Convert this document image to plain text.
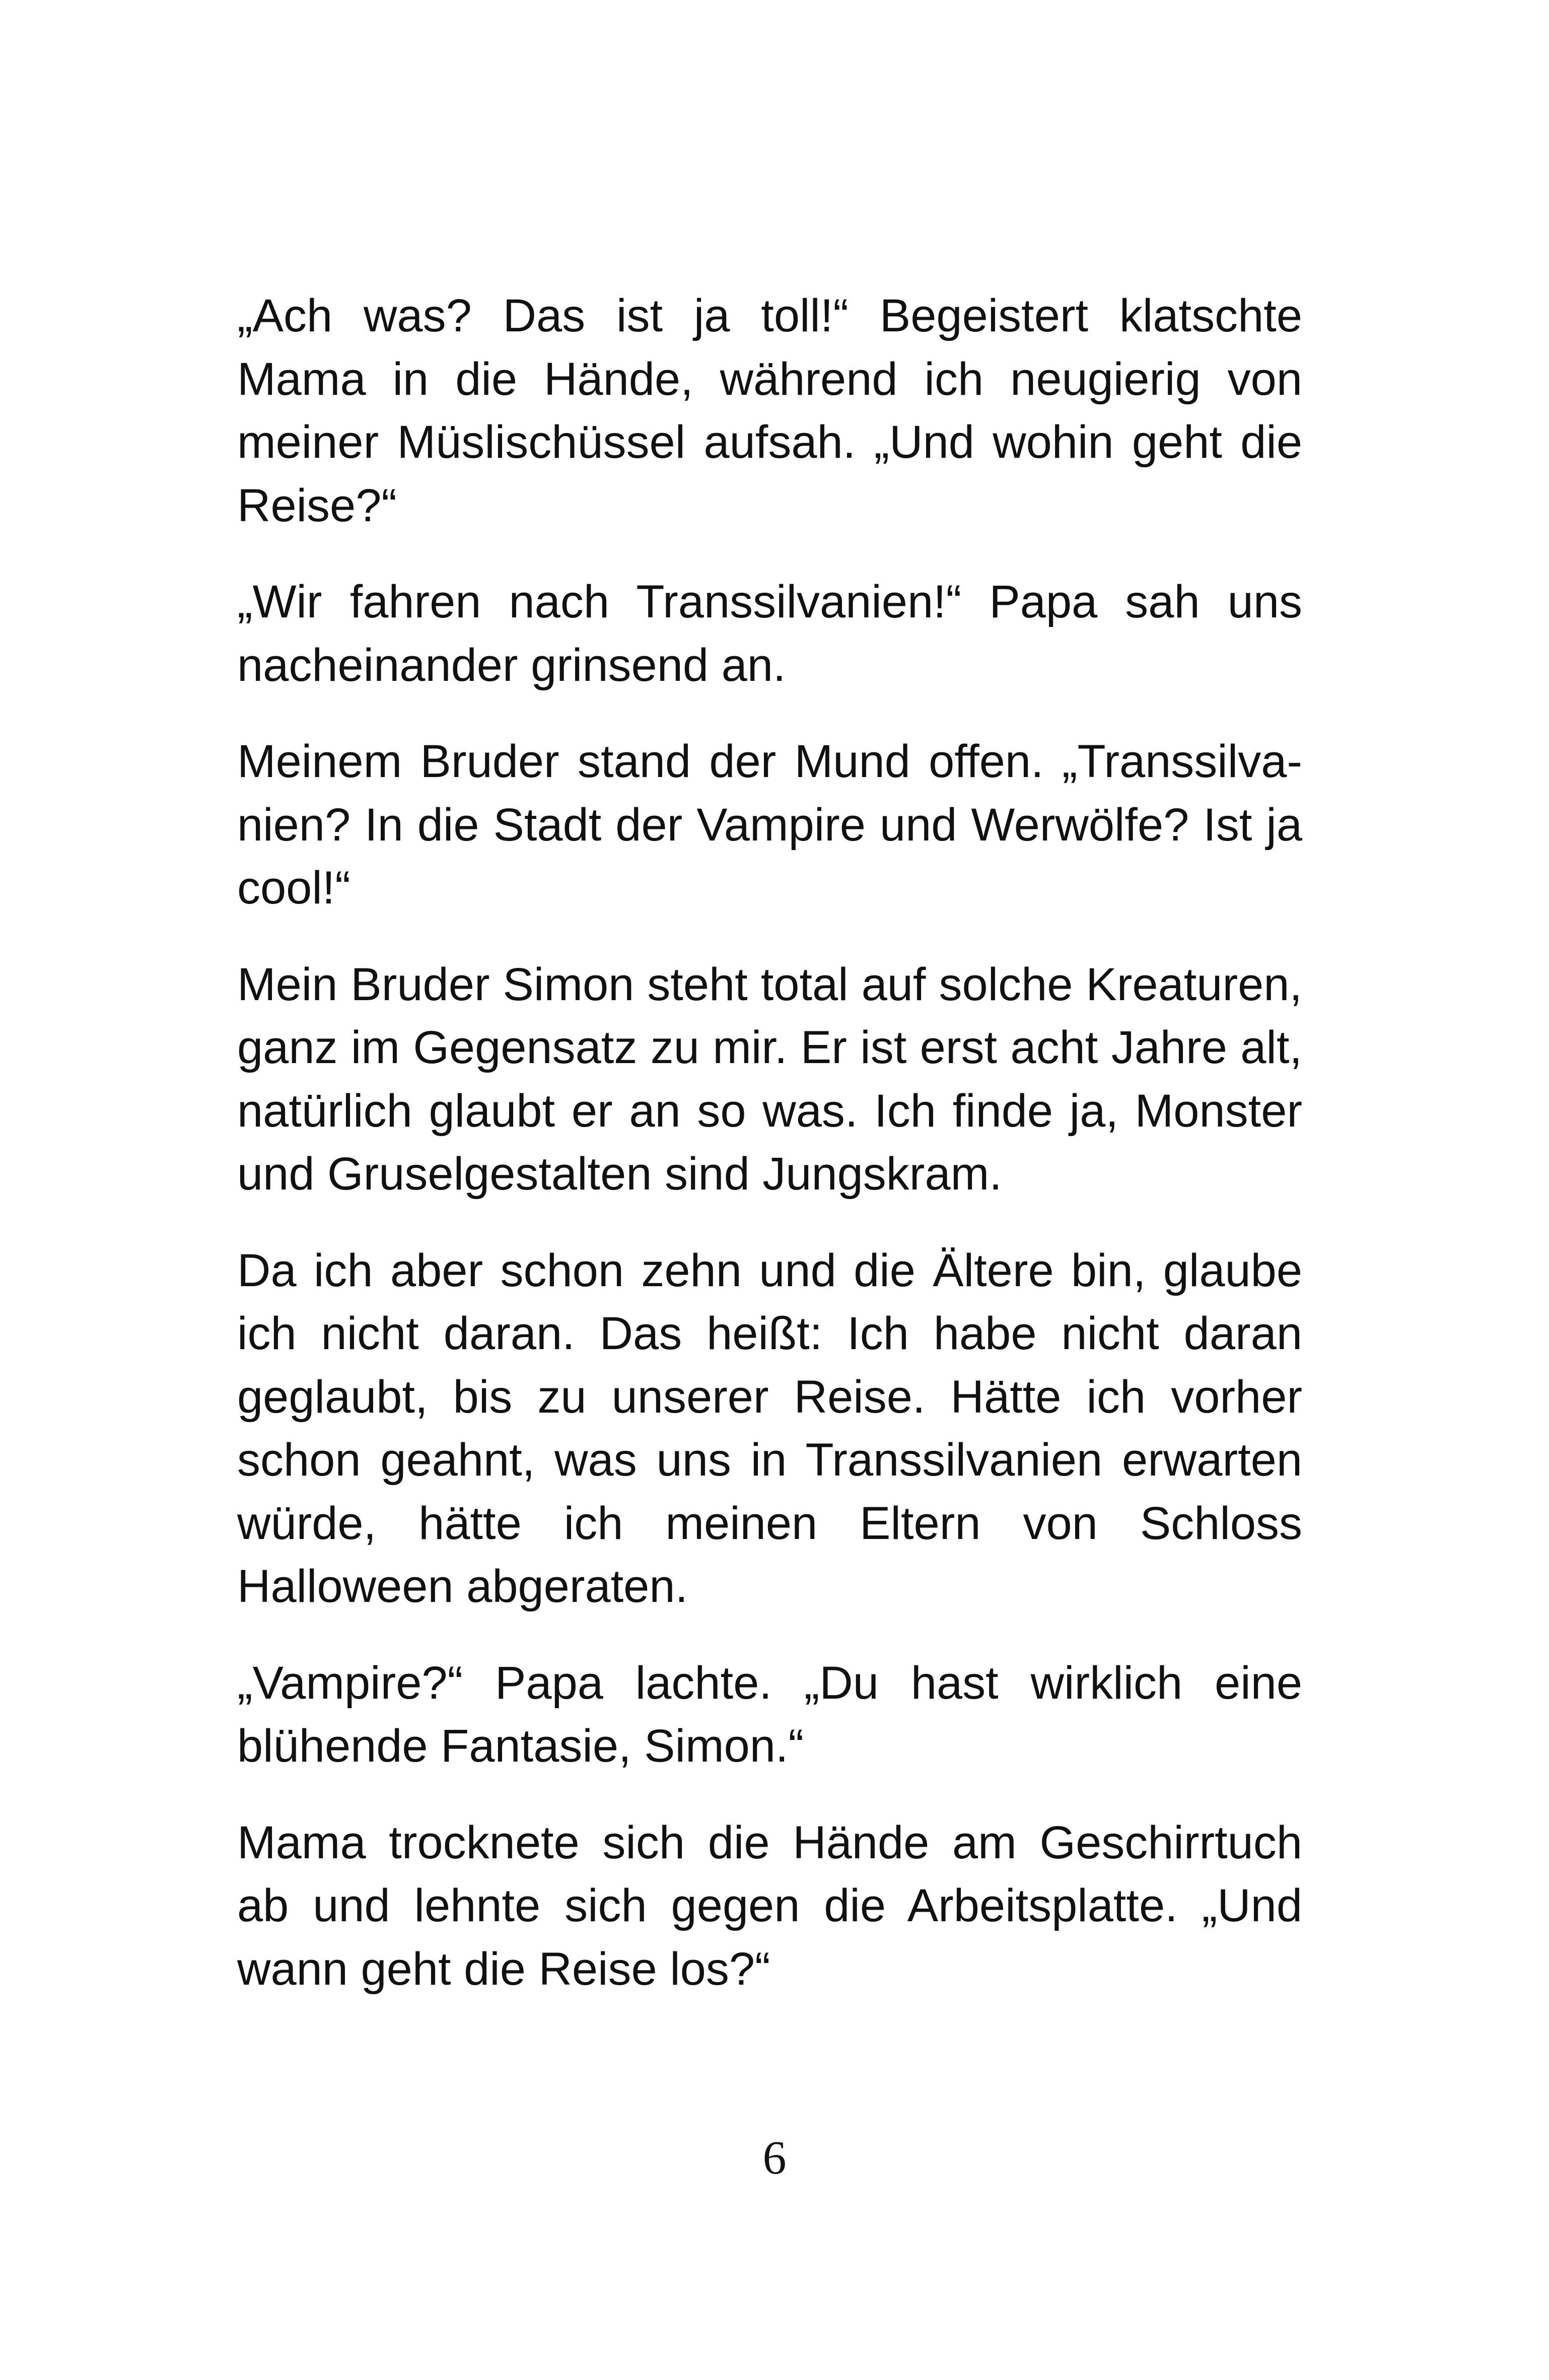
„Ach was? Das ist ja toll!“ Begeistert klatschte Mama in die Hände, während ich neugierig von meiner Müslischüssel aufsah. „Und wohin geht die Reise?“

„Wir fahren nach Transsilvanien!“ Papa sah uns nacheinander grinsend an.

Meinem Bruder stand der Mund offen. „Transsilvanien? In die Stadt der Vampire und Werwölfe? Ist ja cool!“

Mein Bruder Simon steht total auf solche Kreaturen, ganz im Gegensatz zu mir. Er ist erst acht Jahre alt, natürlich glaubt er an so was. Ich finde ja, Monster und Gruselgestalten sind Jungskram.

Da ich aber schon zehn und die Ältere bin, glaube ich nicht daran. Das heißt: Ich habe nicht daran geglaubt, bis zu unserer Reise. Hätte ich vorher schon geahnt, was uns in Transsilvanien erwarten würde, hätte ich meinen Eltern von Schloss Halloween abgeraten.

„Vampire?“ Papa lachte. „Du hast wirklich eine blühende Fantasie, Simon.“

Mama trocknete sich die Hände am Geschirrtuch ab und lehnte sich gegen die Arbeitsplatte. „Und wann geht die Reise los?“

6
